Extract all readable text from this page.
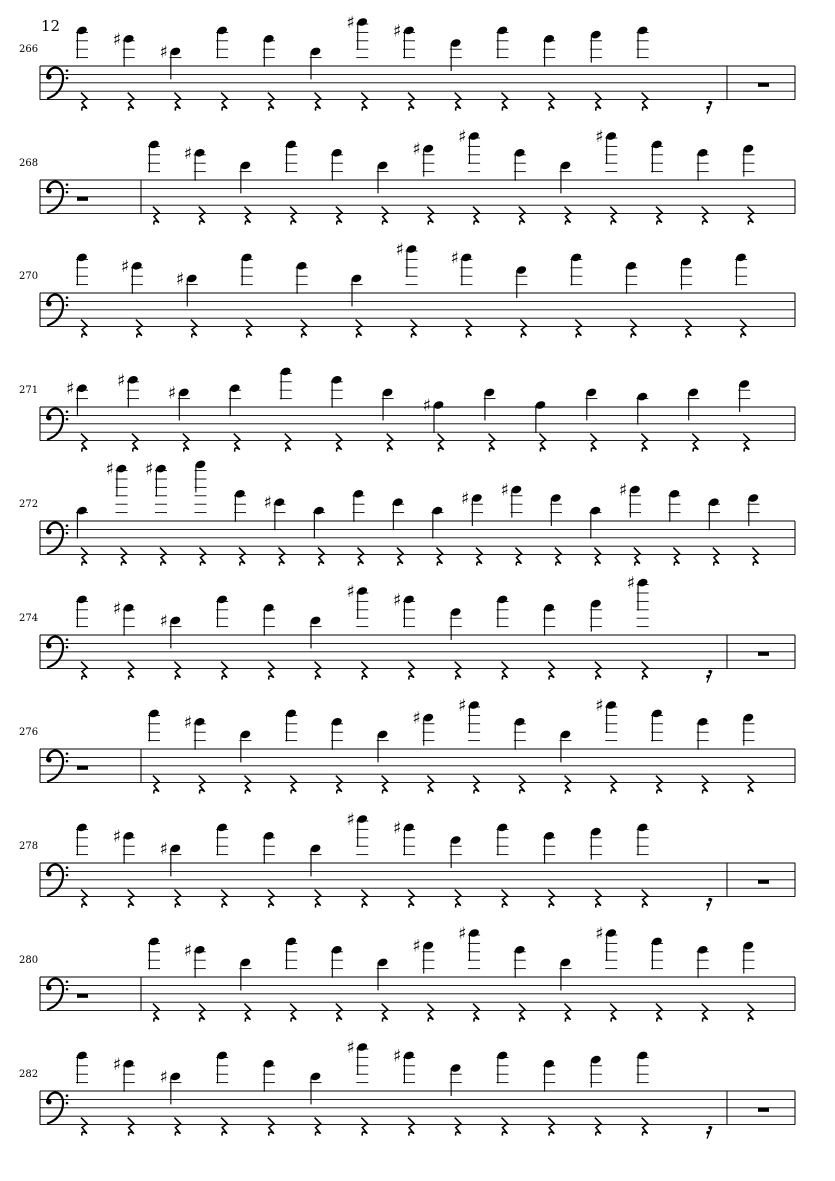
12
266	♯
♯
♯ ♯
268	♯	♯
♯	♯
270	♯
♯
♯	♯
271 ♯	♯
♯
♯
272
♯ ♯
♯	♯ ♯	♯
274	♯
♯
♯ ♯
♯
276	♯	♯
♯	♯
278	♯
♯
♯ ♯
280	♯	♯
♯	♯
282	♯
♯
♯ ♯
